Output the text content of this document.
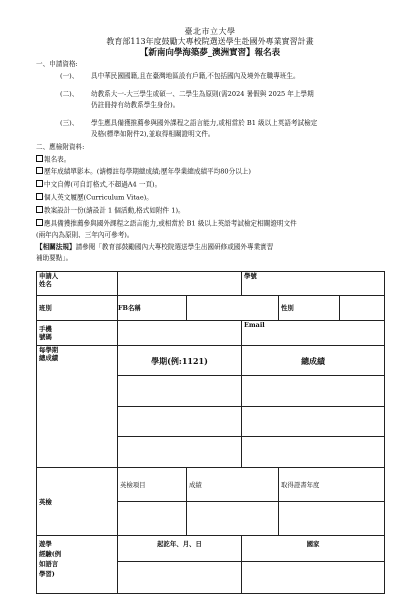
臺北市立大學
教育部113年度鼓勵大專校院選送學生赴國外專業實習計畫
【新南向學海築夢_澳洲實習】報名表
一、申請資格:
(一)、 具中華民國國籍,且在臺灣地區設有戶籍,不包括國內及境外在職專班生。
(二)、 幼教系大一-大三學生或碩一、二學生為原則(需2024 暑假與 2025 年上學期
仍註冊持有幼教系學生身份)。
(三)、 學生應具備獲推薦參與國外課程之語言能力,或相當於 B1 級以上英語考試檢定
及格(標準如附件2),並取得相關證明文件。
二、應檢附資料:
報名表。
歷年成績單影本。(請標註每學期總成績;歷年學業總成績平均80分以上)
中文自傳(可自訂格式,不超過A4 一頁)。
個人英文履歷(Curriculum Vitae)。
教案設計一份(請設計 1 個活動,格式如附件 1)。
應具備獲推薦參與國外課程之語言能力,或相當於 B1 級以上英語考試檢定相關證明文件
(兩年內為原則、三年內可參考)。
【相關法規】請參閱「教育部鼓勵國內大專校院選送學生出國研修或國外專業實習
補助要點」。
申請人
姓名			學號		
班別	FB名稱			性別	

手機
號碼			Email		

每學期
總成績	學期(例:1121)		總成績		

英檢	英檢項目	成績		取得證書年度	

遊學
經驗(例
如語言
學習)	起訖年、月、日		國家		
